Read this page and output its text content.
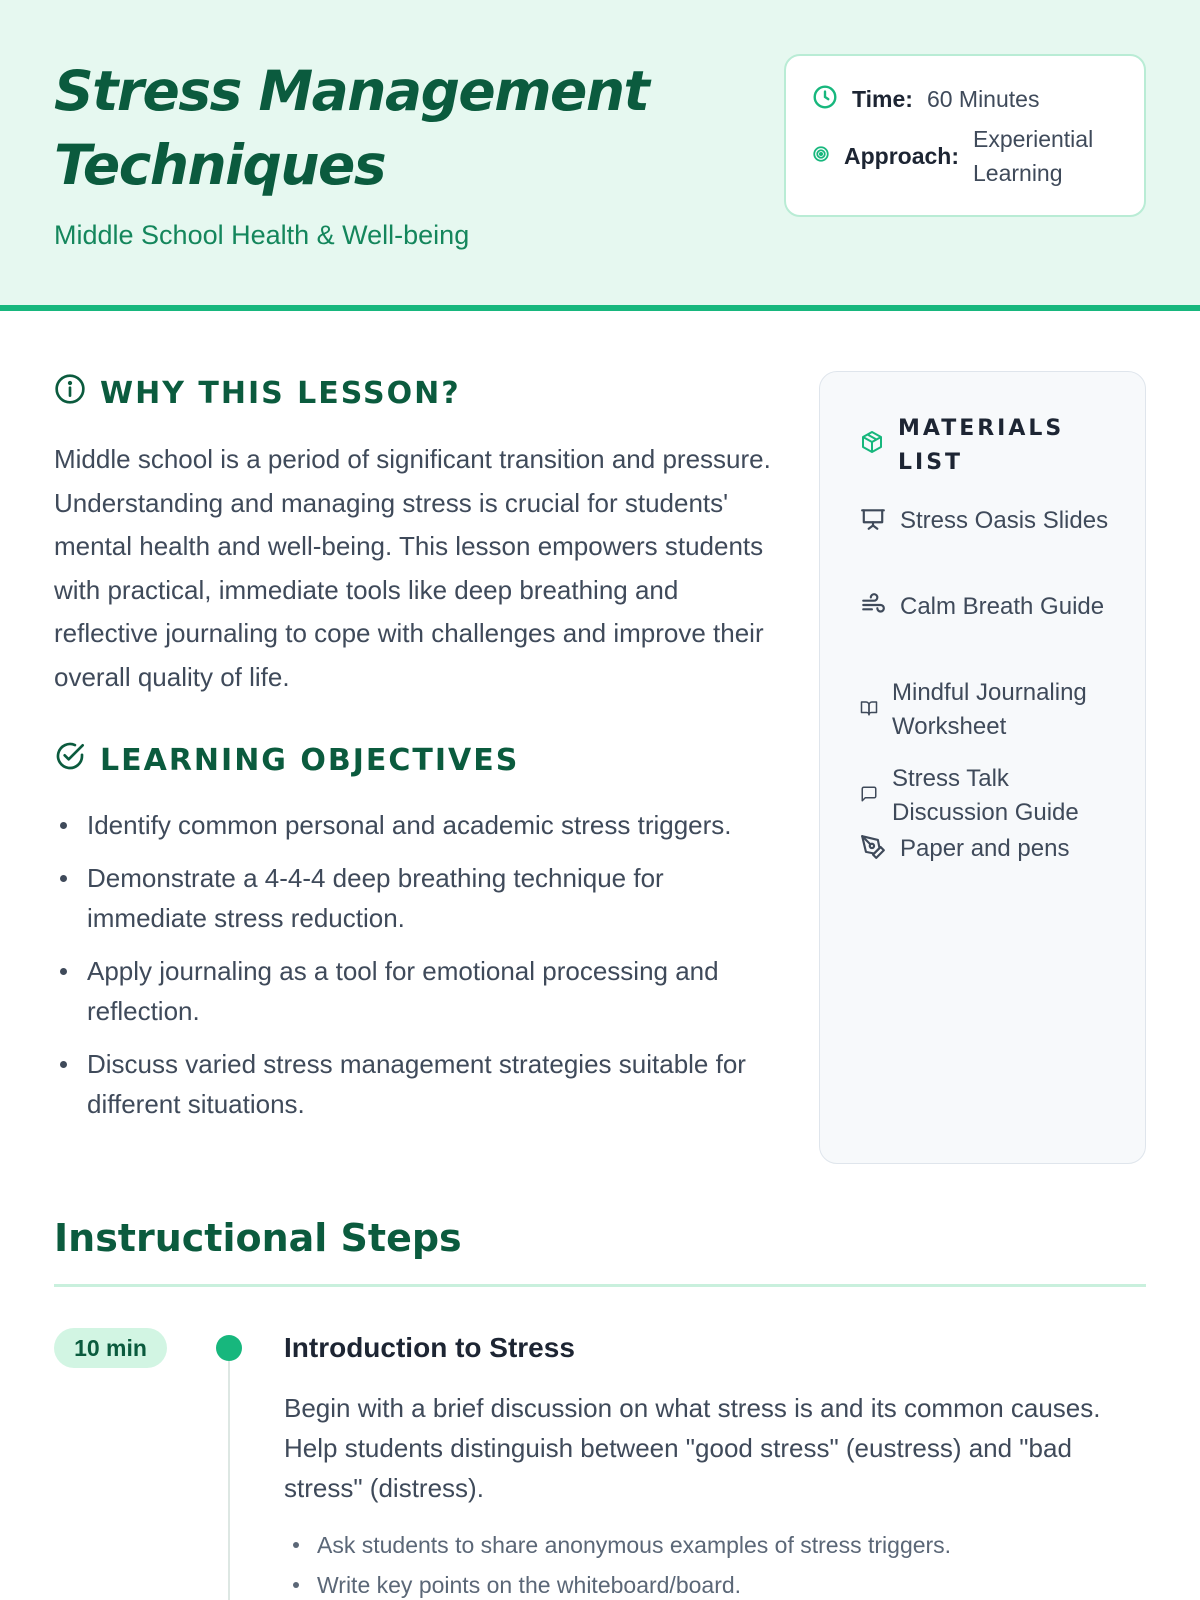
Stress Management Techniques
Middle School Health & Well-being
Time: 60 Minutes
Approach:
Experiential Learning
WHY THIS LESSON?

Middle school is a period of significant transition and pressure. Understanding and managing stress is crucial for students' mental health and well-being. This lesson empowers students with practical, immediate tools like deep breathing and reflective journaling to cope with challenges and improve their overall quality of life.

LEARNING OBJECTIVES
Identify common personal and academic stress triggers.
Demonstrate a 4-4-4 deep breathing technique for immediate stress reduction.
Apply journaling as a tool for emotional processing and reflection.
Discuss varied stress management strategies suitable for different situations.
MATERIALS LIST
Stress Oasis Slides
Calm Breath Guide
Mindful Journaling Worksheet
Stress Talk Discussion Guide
Paper and pens
Instructional Steps
10 min	Introduction to Stress

Begin with a brief discussion on what stress is and its common causes. Help students distinguish between "good stress" (eustress) and "bad stress" (distress).

Ask students to share anonymous examples of stress triggers.
Write key points on the whiteboard/board.
